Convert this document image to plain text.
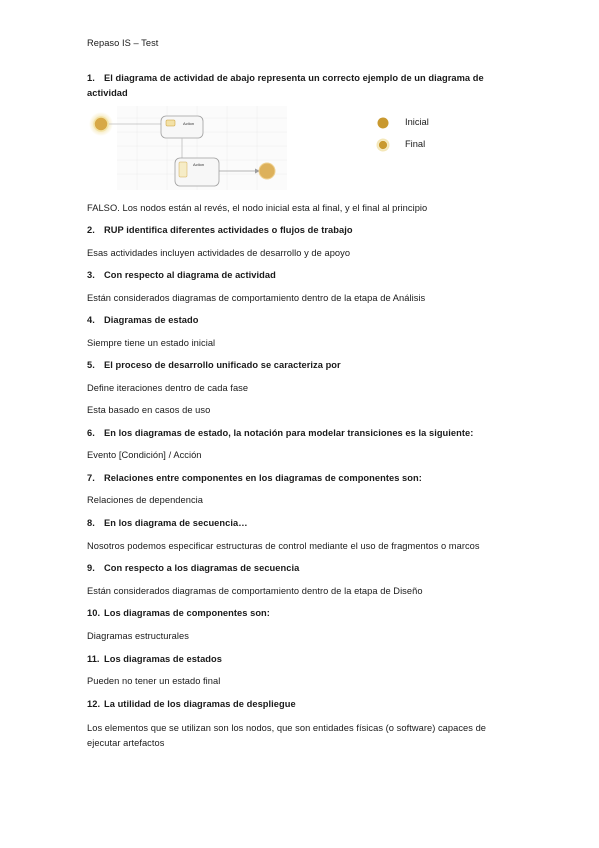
Repaso IS – Test
1. El diagrama de actividad de abajo representa un correcto ejemplo de un diagrama de actividad
Action
Action
Inicial
Final
FALSO. Los nodos están al revés, el nodo inicial esta al final, y el final al principio
2. RUP identifica diferentes actividades o flujos de trabajo
Esas actividades incluyen actividades de desarrollo y de apoyo
3. Con respecto al diagrama de actividad
Están considerados diagramas de comportamiento dentro de la etapa de Análisis
4. Diagramas de estado
Siempre tiene un estado inicial
5. El proceso de desarrollo unificado se caracteriza por
Define iteraciones dentro de cada fase
Esta basado en casos de uso
6. En los diagramas de estado, la notación para modelar transiciones es la siguiente:
Evento [Condición] / Acción
7. Relaciones entre componentes en los diagramas de componentes son:
Relaciones de dependencia
8. En los diagrama de secuencia…
Nosotros podemos especificar estructuras de control mediante el uso de fragmentos o marcos
9. Con respecto a los diagramas de secuencia
Están considerados diagramas de comportamiento dentro de la etapa de Diseño
10. Los diagramas de componentes son:
Diagramas estructurales
11. Los diagramas de estados
Pueden no tener un estado final
12. La utilidad de los diagramas de despliegue
Los elementos que se utilizan son los nodos, que son entidades físicas (o software) capaces de ejecutar artefactos
